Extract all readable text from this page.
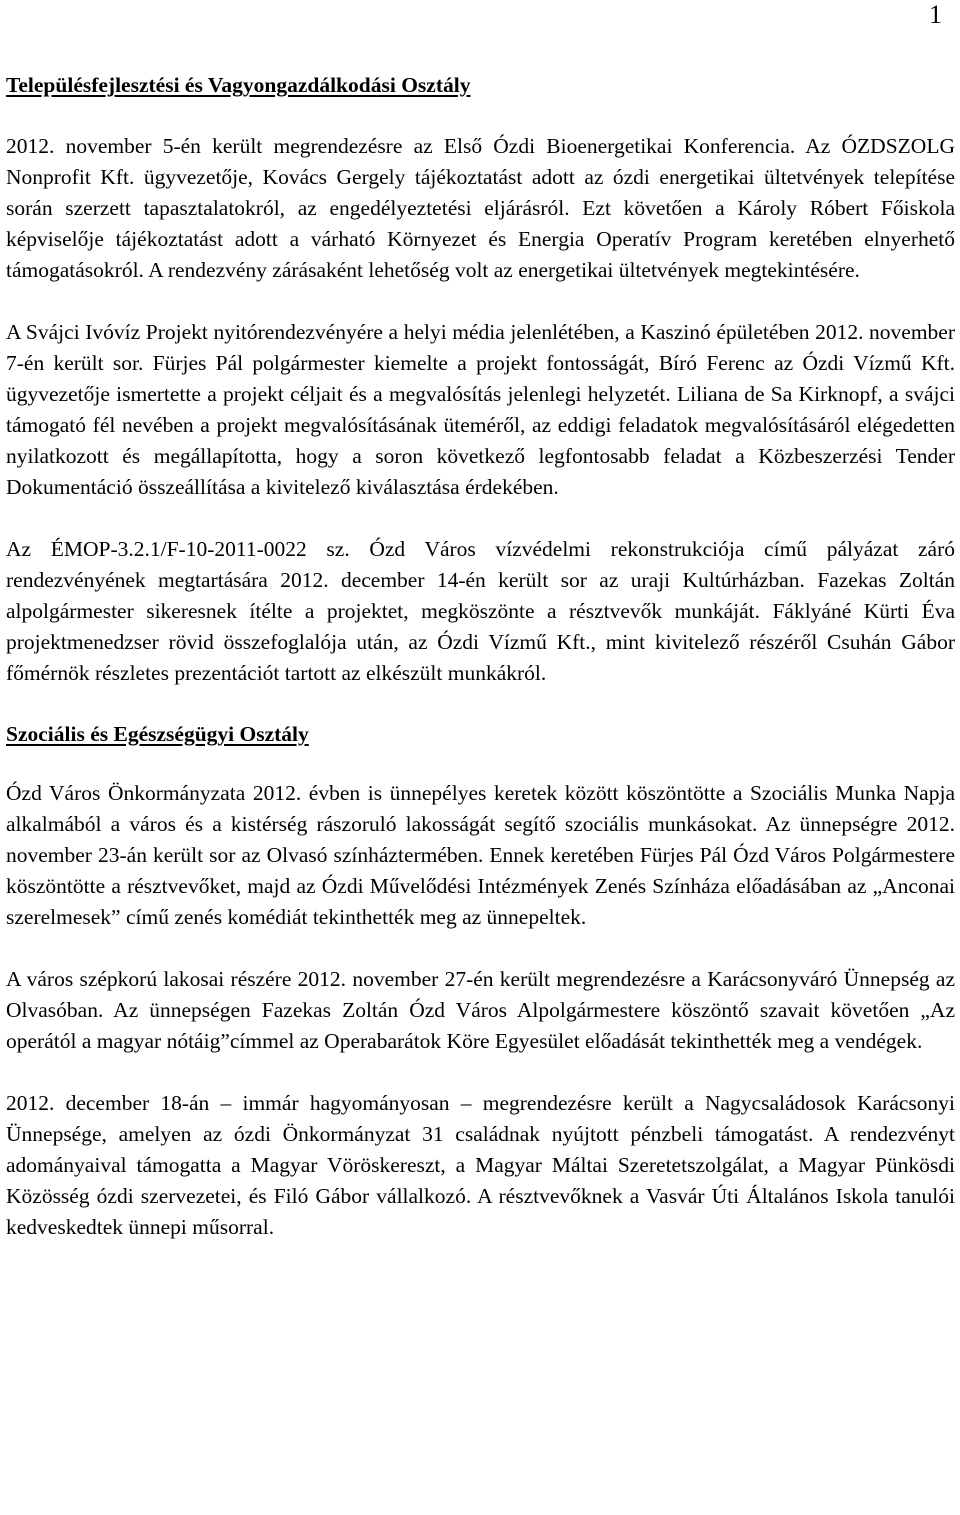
1
Településfejlesztési és Vagyongazdálkodási Osztály

2012. november 5-én került megrendezésre az Első Ózdi Bioenergetikai Konferencia. Az ÓZDSZOLG Nonprofit Kft. ügyvezetője, Kovács Gergely tájékoztatást adott az ózdi energetikai ültetvények telepítése során szerzett tapasztalatokról, az engedélyeztetési eljárásról. Ezt követően a Károly Róbert Főiskola képviselője tájékoztatást adott a várható Környezet és Energia Operatív Program keretében elnyerhető támogatásokról. A rendezvény zárásaként lehetőség volt az energetikai ültetvények megtekintésére.

A Svájci Ivóvíz Projekt nyitórendezvényére a helyi média jelenlétében, a Kaszinó épületében 2012. november 7-én került sor. Fürjes Pál polgármester kiemelte a projekt fontosságát, Bíró Ferenc az Ózdi Vízmű Kft. ügyvezetője ismertette a projekt céljait és a megvalósítás jelenlegi helyzetét. Liliana de Sa Kirknopf, a svájci támogató fél nevében a projekt megvalósításának üteméről, az eddigi feladatok megvalósításáról elégedetten nyilatkozott és megállapította, hogy a soron következő legfontosabb feladat a Közbeszerzési Tender Dokumentáció összeállítása a kivitelező kiválasztása érdekében.

Az ÉMOP-3.2.1/F-10-2011-0022 sz. Ózd Város vízvédelmi rekonstrukciója című pályázat záró rendezvényének megtartására 2012. december 14-én került sor az uraji Kultúrházban. Fazekas Zoltán alpolgármester sikeresnek ítélte a projektet, megköszönte a résztvevők munkáját. Fáklyáné Kürti Éva projektmenedzser rövid összefoglalója után, az Ózdi Vízmű Kft., mint kivitelező részéről Csuhán Gábor főmérnök részletes prezentációt tartott az elkészült munkákról.

Szociális és Egészségügyi Osztály

Ózd Város Önkormányzata 2012. évben is ünnepélyes keretek között köszöntötte a Szociális Munka Napja alkalmából a város és a kistérség rászoruló lakosságát segítő szociális munkásokat. Az ünnepségre 2012. november 23-án került sor az Olvasó színháztermében. Ennek keretében Fürjes Pál Ózd Város Polgármestere köszöntötte a résztvevőket, majd az Ózdi Művelődési Intézmények Zenés Színháza előadásában az „Anconai szerelmesek” című zenés komédiát tekinthették meg az ünnepeltek.

A város szépkorú lakosai részére 2012. november 27-én került megrendezésre a Karácsonyváró Ünnepség az Olvasóban. Az ünnepségen Fazekas Zoltán Ózd Város Alpolgármestere köszöntő szavait követően „Az operától a magyar nótáig”címmel az Operabarátok Köre Egyesület előadását tekinthették meg a vendégek.

2012. december 18-án – immár hagyományosan – megrendezésre került a Nagycsaládosok Karácsonyi Ünnepsége, amelyen az ózdi Önkormányzat 31 családnak nyújtott pénzbeli támogatást. A rendezvényt adományaival támogatta a Magyar Vöröskereszt, a Magyar Máltai Szeretetszolgálat, a Magyar Pünkösdi Közösség ózdi szervezetei, és Filó Gábor vállalkozó. A résztvevőknek a Vasvár Úti Általános Iskola tanulói kedveskedtek ünnepi műsorral.
